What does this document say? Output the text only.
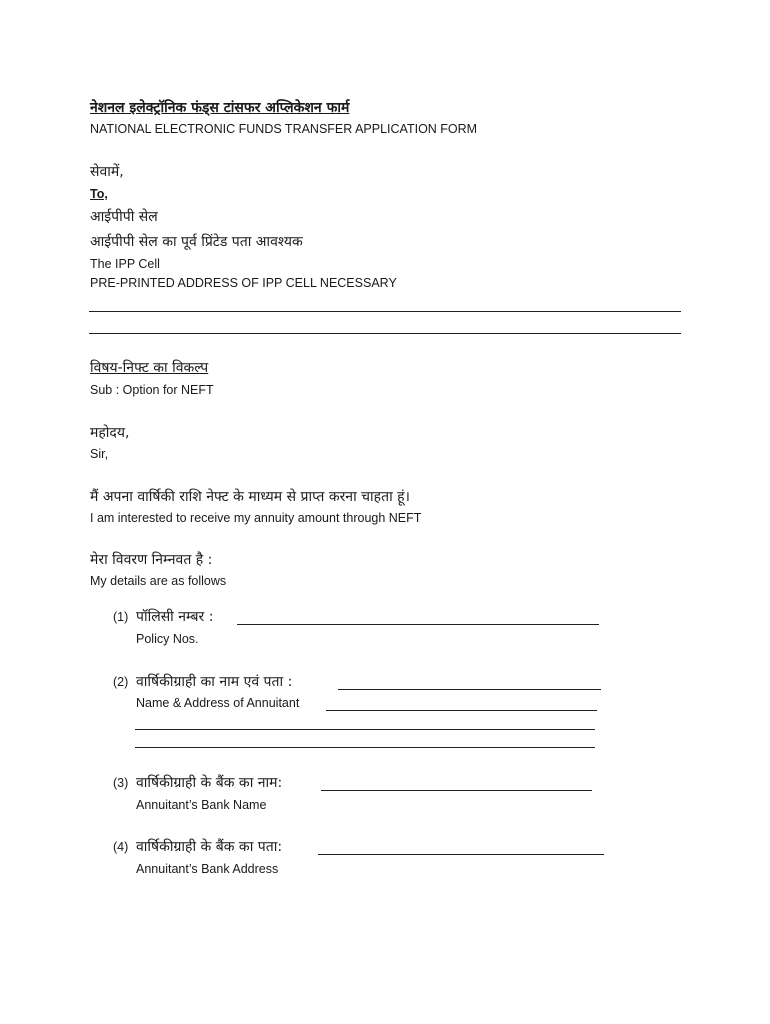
नेशनल इलेक्ट्रॉनिक फंड्स टांसफर अप्लिकेशन फार्म
NATIONAL ELECTRONIC FUNDS TRANSFER APPLICATION FORM
सेवामें,
To,
आईपीपी सेल
आईपीपी सेल का पूर्व प्रिंटेड पता आवश्यक
The IPP Cell
PRE-PRINTED ADDRESS OF IPP CELL NECESSARY
विषय-निफ्ट का विकल्प
Sub : Option for NEFT
महोदय,
Sir,
मैं अपना वार्षिकी राशि नेफ्ट के माध्यम से प्राप्त करना चाहता हूं।
I am interested to receive my annuity amount through NEFT
मेरा विवरण निम्नवत है :
My details are as follows
(1) पॉलिसी नम्बर :
Policy Nos.
(2) वार्षिकीग्राही का नाम एवं पता :
Name & Address of Annuitant
(3) वार्षिकीग्राही के बैंक का नाम:
Annuitant’s Bank Name
(4) वार्षिकीग्राही के बैंक का पता:
Annuitant’s Bank Address
